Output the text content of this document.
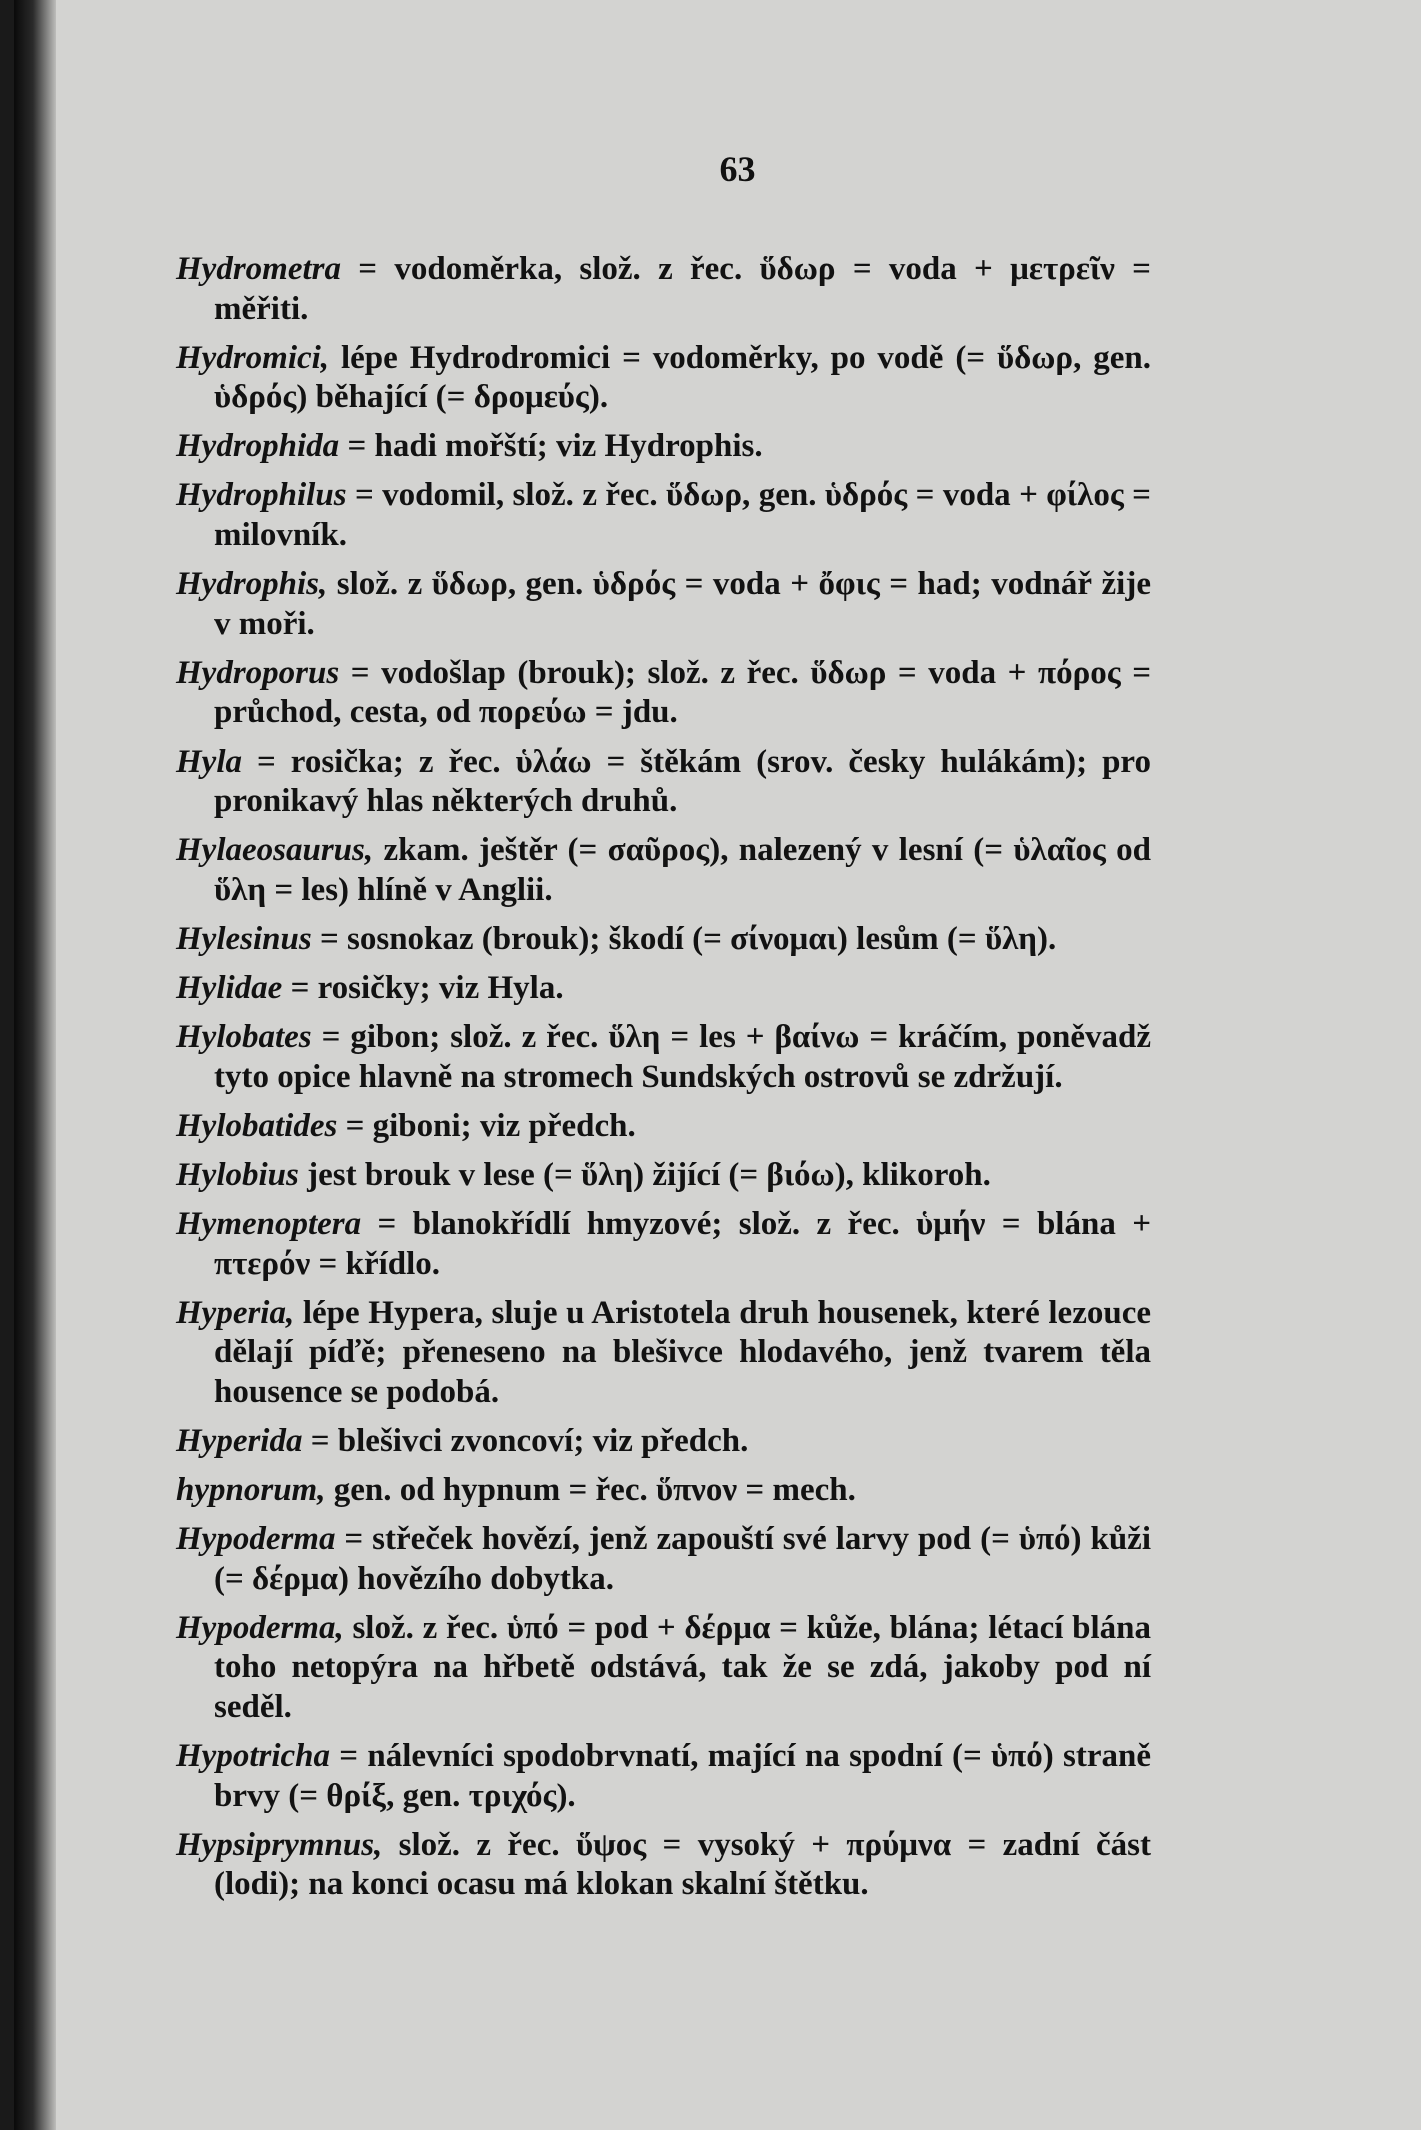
63

Hydrometra = vodoměrka, slož. z řec. ὕδωρ = voda + μετρεῖν = měřiti.

Hydromici, lépe Hydrodromici = vodoměrky, po vodě (= ὕδωρ, gen. ὑδρός) běhající (= δρομεύς).

Hydrophida = hadi mořští; viz Hydrophis.

Hydrophilus = vodomil, slož. z řec. ὕδωρ, gen. ὑδρός = voda + φίλος = milovník.

Hydrophis, slož. z ὕδωρ, gen. ὑδρός = voda + ὄφις = had; vodnář žije v moři.

Hydroporus = vodošlap (brouk); slož. z řec. ὕδωρ = voda + πόρος = průchod, cesta, od πορεύω = jdu.

Hyla = rosička; z řec. ὑλάω = štěkám (srov. česky hulákám); pro pronikavý hlas některých druhů.

Hylaeosaurus, zkam. ještěr (= σαῦρος), nalezený v lesní (= ὑλαῖος od ὕλη = les) hlíně v Anglii.

Hylesinus = sosnokaz (brouk); škodí (= σίνομαι) lesům (= ὕλη).

Hylidae = rosičky; viz Hyla.

Hylobates = gibon; slož. z řec. ὕλη = les + βαίνω = kráčím, poněvadž tyto opice hlavně na stromech Sundských ostrovů se zdržují.

Hylobatides = giboni; viz předch.

Hylobius jest brouk v lese (= ὕλη) žijící (= βιόω), klikoroh.

Hymenoptera = blanokřídlí hmyzové; slož. z řec. ὑμήν = blána + πτερόν = křídlo.

Hyperia, lépe Hypera, sluje u Aristotela druh housenek, které lezouce dělají píďě; přeneseno na blešivce hlodavého, jenž tvarem těla housence se podobá.

Hyperida = blešivci zvoncoví; viz předch.

hypnorum, gen. od hypnum = řec. ὕπνον = mech.

Hypoderma = střeček hovězí, jenž zapouští své larvy pod (= ὑπό) kůži (= δέρμα) hovězího dobytka.

Hypoderma, slož. z řec. ὑπό = pod + δέρμα = kůže, blána; létací blána toho netopýra na hřbetě odstává, tak že se zdá, jakoby pod ní seděl.

Hypotricha = nálevníci spodobrvnatí, mající na spodní (= ὑπό) straně brvy (= θρίξ, gen. τριχός).

Hypsiprymnus, slož. z řec. ὕψος = vysoký + πρύμνα = zadní část (lodi); na konci ocasu má klokan skalní štětku.
